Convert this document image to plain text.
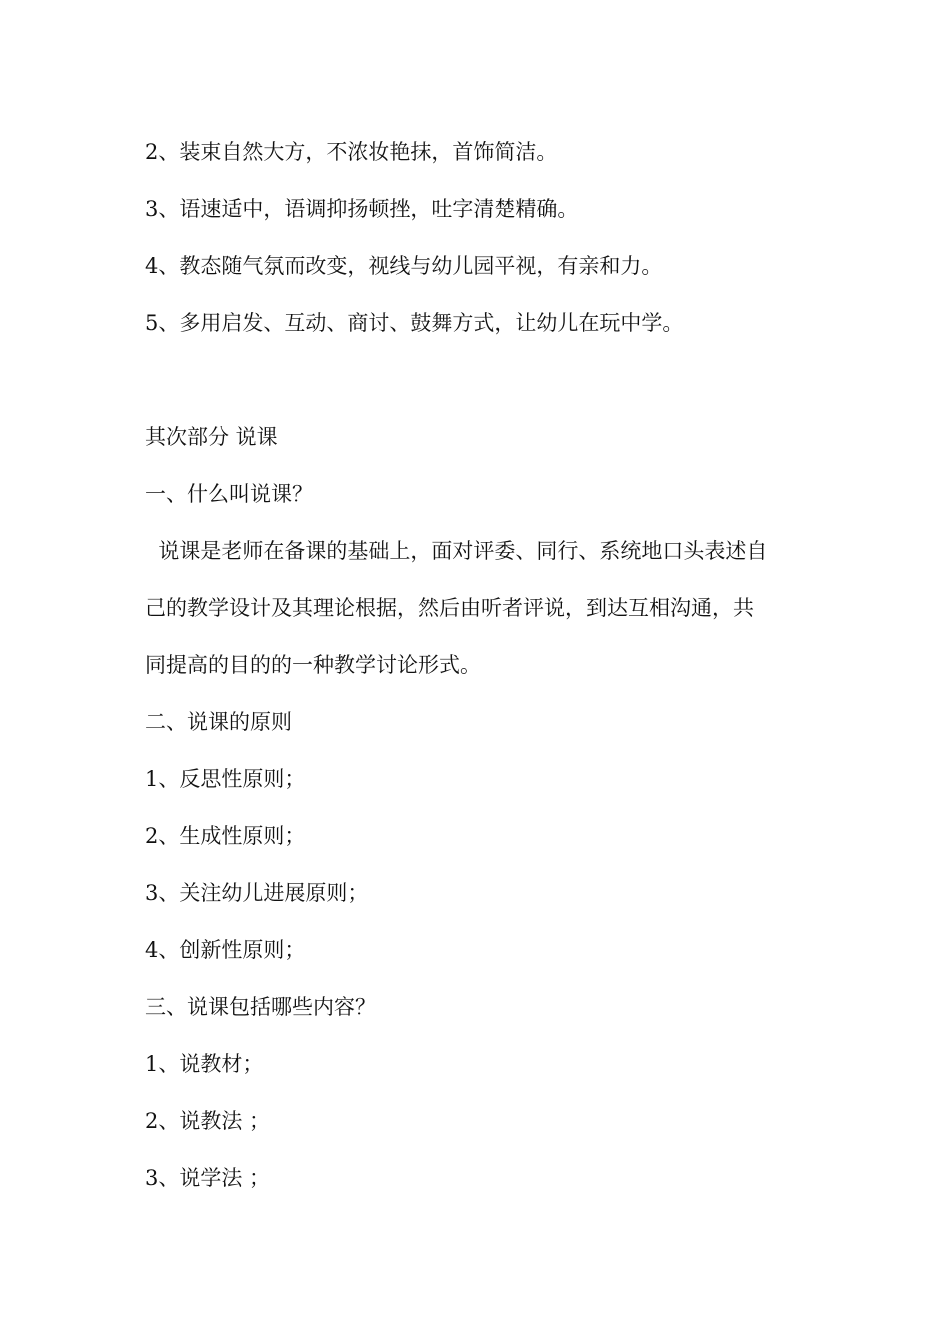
2、装束自然大方，不浓妆艳抹，首饰简洁。

3、语速适中，语调抑扬顿挫，吐字清楚精确。

4、教态随气氛而改变，视线与幼儿园平视，有亲和力。

5、多用启发、互动、商讨、鼓舞方式，让幼儿在玩中学。

其次部分 说课

一、什么叫说课？

说课是老师在备课的基础上，面对评委、同行、系统地口头表述自

己的教学设计及其理论根据，然后由听者评说，到达互相沟通，共

同提高的目的的一种教学讨论形式。

二、说课的原则

1、反思性原则；

2、生成性原则；

3、关注幼儿进展原则；

4、创新性原则；

三、说课包括哪些内容？

1、说教材；

2、说教法 ；

3、说学法 ；
